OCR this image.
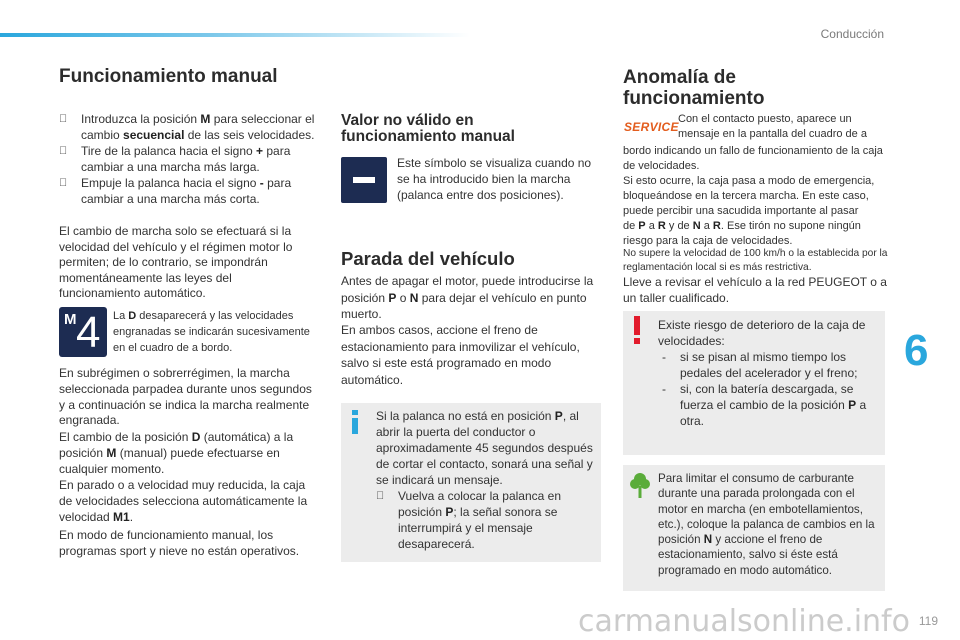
Conducción
Funcionamiento manual
Introduzca la posición M para seleccionar el cambio secuencial de las seis velocidades.
Tire de la palanca hacia el signo + para cambiar a una marcha más larga.
Empuje la palanca hacia el signo - para cambiar a una marcha más corta.
El cambio de marcha solo se efectuará si la velocidad del vehículo y el régimen motor lo permiten; de lo contrario, se impondrán momentáneamente las leyes del funcionamiento automático.
M 4 La D desaparecerá y las velocidades engranadas se indicarán sucesivamente en el cuadro de a bordo.
En subrégimen o sobrerrégimen, la marcha seleccionada parpadea durante unos segundos y a continuación se indica la marcha realmente engranada.
El cambio de la posición D (automática) a la posición M (manual) puede efectuarse en cualquier momento.
En parado o a velocidad muy reducida, la caja de velocidades selecciona automáticamente la velocidad M1.
En modo de funcionamiento manual, los programas sport y nieve no están operativos.
Valor no válido en funcionamiento manual
Este símbolo se visualiza cuando no se ha introducido bien la marcha (palanca entre dos posiciones).
Parada del vehículo
Antes de apagar el motor, puede introducirse la posición P o N para dejar el vehículo en punto muerto.
En ambos casos, accione el freno de estacionamiento para inmovilizar el vehículo, salvo si este está programado en modo automático.
Si la palanca no está en posición P, al abrir la puerta del conductor o aproximadamente 45 segundos después de cortar el contacto, sonará una señal y se indicará un mensaje.
Vuelva a colocar la palanca en posición P; la señal sonora se interrumpirá y el mensaje desaparecerá.
Anomalía de funcionamiento
SERVICE
Con el contacto puesto, aparece un mensaje en la pantalla del cuadro de a
bordo indicando un fallo de funcionamiento de la caja de velocidades.
Si esto ocurre, la caja pasa a modo de emergencia, bloqueándose en la tercera marcha. En este caso, puede percibir una sacudida importante al pasar
de P a R y de N a R. Ese tirón no supone ningún riesgo para la caja de velocidades.
No supere la velocidad de 100 km/h o la establecida por la reglamentación local si es más restrictiva.
Lleve a revisar el vehículo a la red PEUGEOT o a un taller cualificado.
Existe riesgo de deterioro de la caja de velocidades:
- si se pisan al mismo tiempo los pedales del acelerador y el freno;
- si, con la batería descargada, se fuerza el cambio de la posición P a otra.
Para limitar el consumo de carburante durante una parada prolongada con el motor en marcha (en embotellamientos, etc.), coloque la palanca de cambios en la posición N y accione el freno de estacionamiento, salvo si éste está programado en modo automático.
6
carmanualsonline.info 119
